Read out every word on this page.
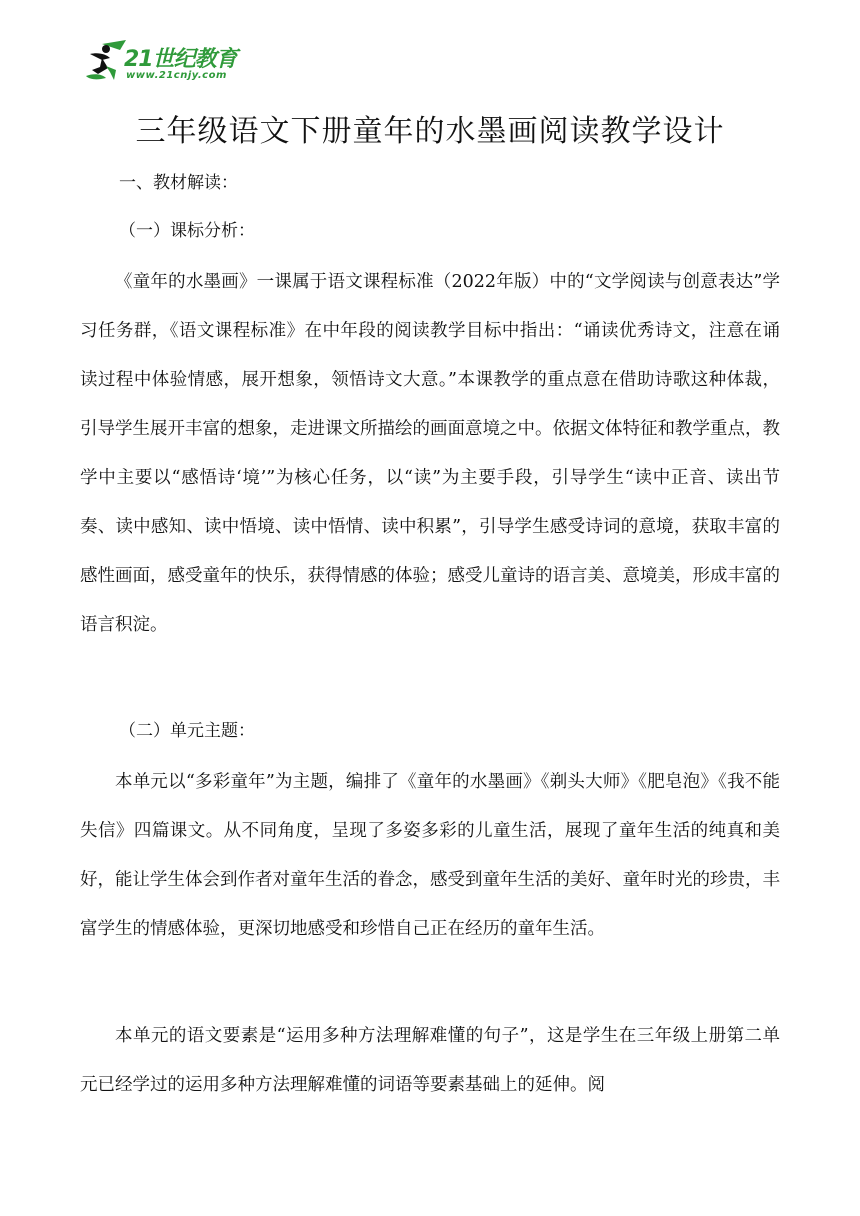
21世纪教育
www.21cnjy.com
三年级语文下册童年的水墨画阅读教学设计

一、教材解读：

（一）课标分析：

《童年的水墨画》一课属于语文课程标准（2022年版）中的“文学阅读与创意表达”学习任务群，《语文课程标准》在中年段的阅读教学目标中指出：“诵读优秀诗文，注意在诵读过程中体验情感，展开想象，领悟诗文大意。”本课教学的重点意在借助诗歌这种体裁，引导学生展开丰富的想象，走进课文所描绘的画面意境之中。依据文体特征和教学重点，教学中主要以“感悟诗‘境’”为核心任务，以“读”为主要手段，引导学生“读中正音、读出节奏、读中感知、读中悟境、读中悟情、读中积累”，引导学生感受诗词的意境，获取丰富的感性画面，感受童年的快乐，获得情感的体验；感受儿童诗的语言美、意境美，形成丰富的语言积淀。

（二）单元主题：

本单元以“多彩童年”为主题，编排了《童年的水墨画》《剃头大师》《肥皂泡》《我不能失信》四篇课文。从不同角度，呈现了多姿多彩的儿童生活，展现了童年生活的纯真和美好，能让学生体会到作者对童年生活的眷念，感受到童年生活的美好、童年时光的珍贵，丰富学生的情感体验，更深切地感受和珍惜自己正在经历的童年生活。

本单元的语文要素是“运用多种方法理解难懂的句子”，这是学生在三年级上册第二单元已经学过的运用多种方法理解难懂的词语等要素基础上的延伸。阅
